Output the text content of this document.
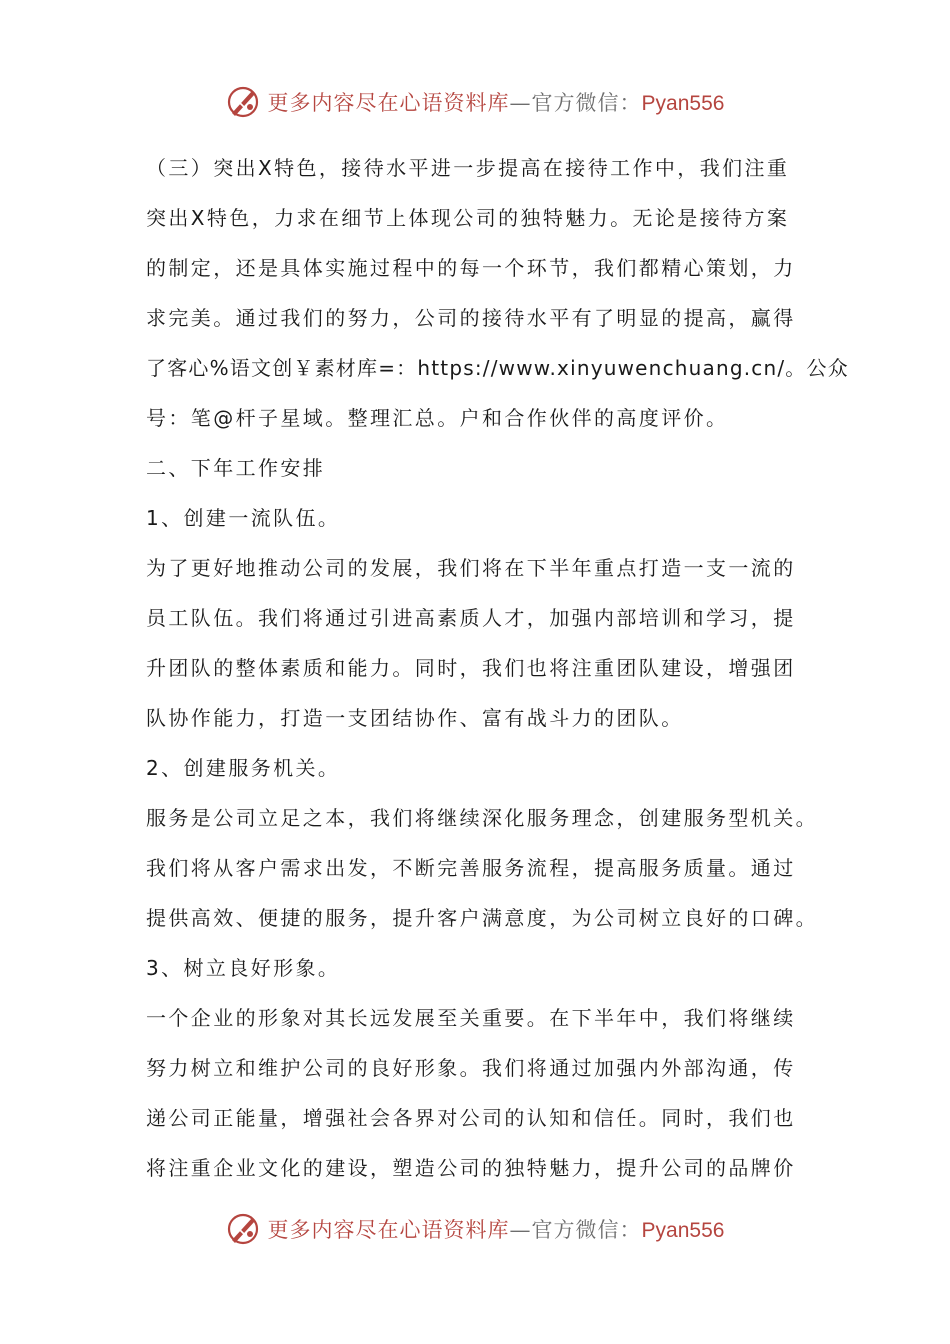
更多内容尽在心语资料库 —官方微信： Pyan556
（三）突出X特色，接待水平进一步提高在接待工作中，我们注重
突出X特色，力求在细节上体现公司的独特魅力。无论是接待方案
的制定，还是具体实施过程中的每一个环节，我们都精心策划，力
求完美。通过我们的努力，公司的接待水平有了明显的提高，赢得
了客心%语文创￥素材库=：https://www.xinyuwenchuang.cn/。公众
号：笔@杆子星域。整理汇总。户和合作伙伴的高度评价。
二、下年工作安排
1、创建一流队伍。
为了更好地推动公司的发展，我们将在下半年重点打造一支一流的
员工队伍。我们将通过引进高素质人才，加强内部培训和学习，提
升团队的整体素质和能力。同时，我们也将注重团队建设，增强团
队协作能力，打造一支团结协作、富有战斗力的团队。
2、创建服务机关。
服务是公司立足之本，我们将继续深化服务理念，创建服务型机关。
我们将从客户需求出发，不断完善服务流程，提高服务质量。通过
提供高效、便捷的服务，提升客户满意度，为公司树立良好的口碑。
3、树立良好形象。
一个企业的形象对其长远发展至关重要。在下半年中，我们将继续
努力树立和维护公司的良好形象。我们将通过加强内外部沟通，传
递公司正能量，增强社会各界对公司的认知和信任。同时，我们也
将注重企业文化的建设，塑造公司的独特魅力，提升公司的品牌价
更多内容尽在心语资料库 —官方微信： Pyan556
